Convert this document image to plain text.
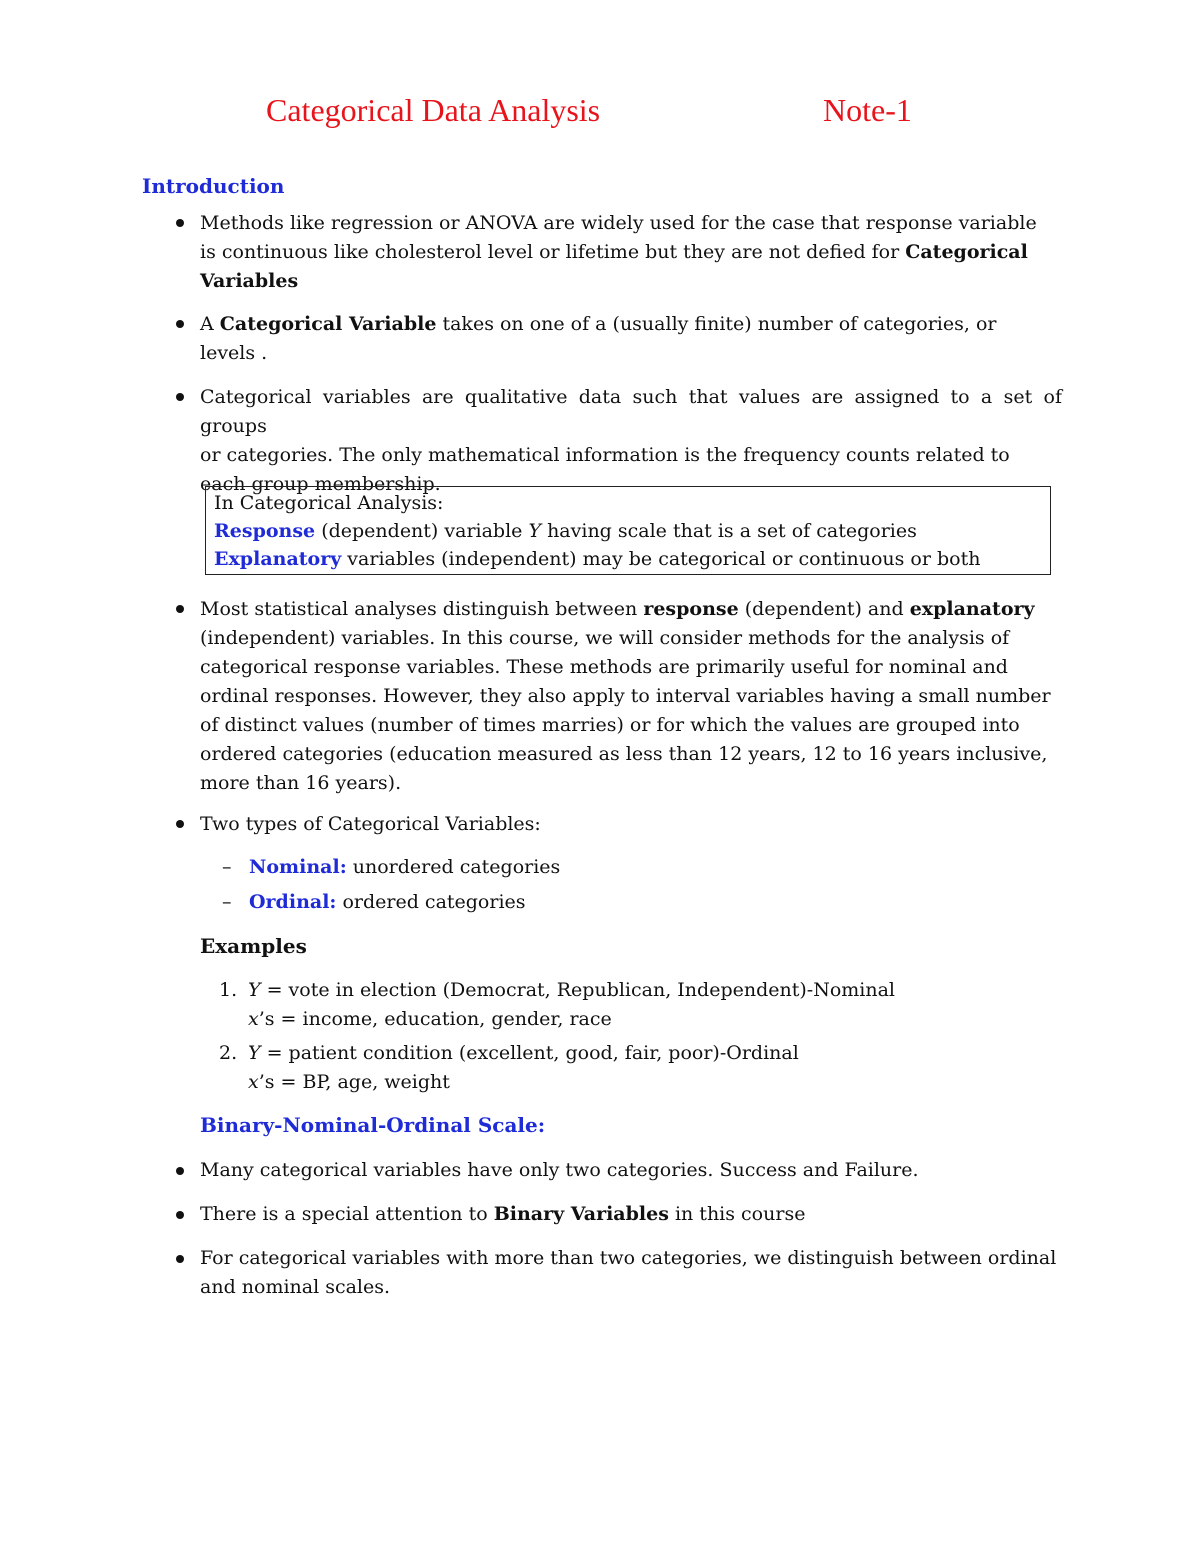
Categorical Data Analysis	Note-1
Introduction
Methods like regression or ANOVA are widely used for the case that response variable
is continuous like cholesterol level or lifetime but they are not defied for Categorical
Variables
A Categorical Variable takes on one of a (usually finite) number of categories, or
levels .
Categorical variables are qualitative data such that values are assigned to a set of groups
or categories. The only mathematical information is the frequency counts related to
each group membership.
In Categorical Analysis:
Response (dependent) variable Y having scale that is a set of categories
Explanatory variables (independent) may be categorical or continuous or both
Most statistical analyses distinguish between response (dependent) and explanatory
(independent) variables. In this course, we will consider methods for the analysis of
categorical response variables. These methods are primarily useful for nominal and
ordinal responses. However, they also apply to interval variables having a small number
of distinct values (number of times marries) or for which the values are grouped into
ordered categories (education measured as less than 12 years, 12 to 16 years inclusive,
more than 16 years).
Two types of Categorical Variables:
– Nominal: unordered categories
– Ordinal: ordered categories
Examples
1. Y = vote in election (Democrat, Republican, Independent)-Nominal
x’s = income, education, gender, race
2. Y = patient condition (excellent, good, fair, poor)-Ordinal
x’s = BP, age, weight
Binary-Nominal-Ordinal Scale:
Many categorical variables have only two categories. Success and Failure.
There is a special attention to Binary Variables in this course
For categorical variables with more than two categories, we distinguish between ordinal
and nominal scales.
